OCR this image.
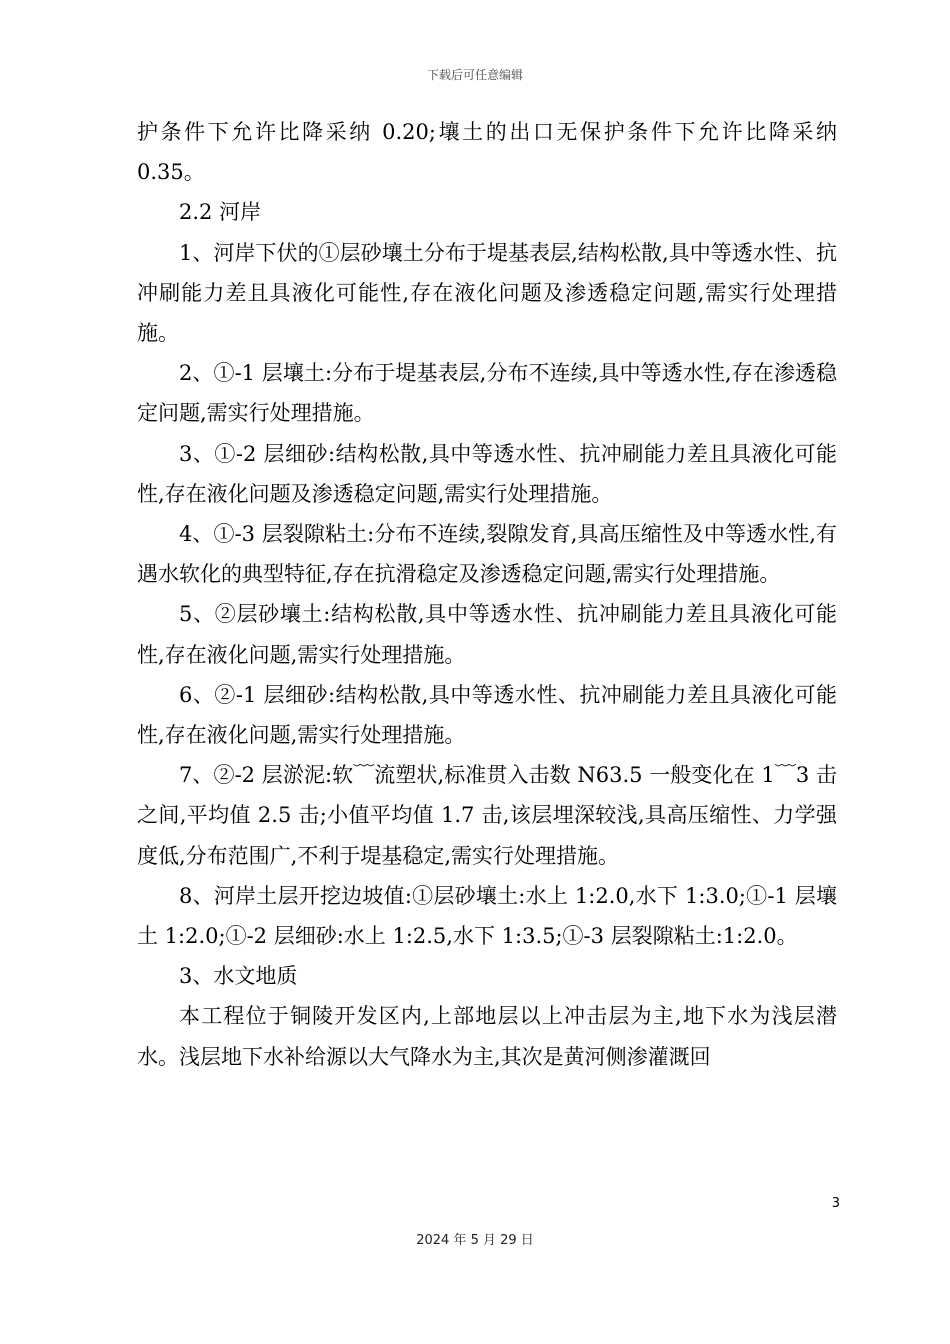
下载后可任意编辑

护条件下允许比降采纳 0.20;壤土的出口无保护条件下允许比降采纳 0.35。

2.2 河岸

1、河岸下伏的①层砂壤土分布于堤基表层,结构松散,具中等透水性、抗冲刷能力差且具液化可能性,存在液化问题及渗透稳定问题,需实行处理措施。

2、①-1 层壤土:分布于堤基表层,分布不连续,具中等透水性,存在渗透稳定问题,需实行处理措施。

3、①-2 层细砂:结构松散,具中等透水性、抗冲刷能力差且具液化可能性,存在液化问题及渗透稳定问题,需实行处理措施。

4、①-3 层裂隙粘土:分布不连续,裂隙发育,具高压缩性及中等透水性,有遇水软化的典型特征,存在抗滑稳定及渗透稳定问题,需实行处理措施。

5、②层砂壤土:结构松散,具中等透水性、抗冲刷能力差且具液化可能性,存在液化问题,需实行处理措施。

6、②-1 层细砂:结构松散,具中等透水性、抗冲刷能力差且具液化可能性,存在液化问题,需实行处理措施。

7、②-2 层淤泥:软﹋流塑状,标准贯入击数 N63.5 一般变化在 1﹋3 击之间,平均值 2.5 击;小值平均值 1.7 击,该层埋深较浅,具高压缩性、力学强度低,分布范围广,不利于堤基稳定,需实行处理措施。

8、河岸土层开挖边坡值:①层砂壤土:水上 1:2.0,水下 1:3.0;①-1 层壤土 1:2.0;①-2 层细砂:水上 1:2.5,水下 1:3.5;①-3 层裂隙粘土:1:2.0。

3、水文地质

本工程位于铜陵开发区内,上部地层以上冲击层为主,地下水为浅层潜水。浅层地下水补给源以大气降水为主,其次是黄河侧渗灌溉回

3
2024 年 5 月 29 日
